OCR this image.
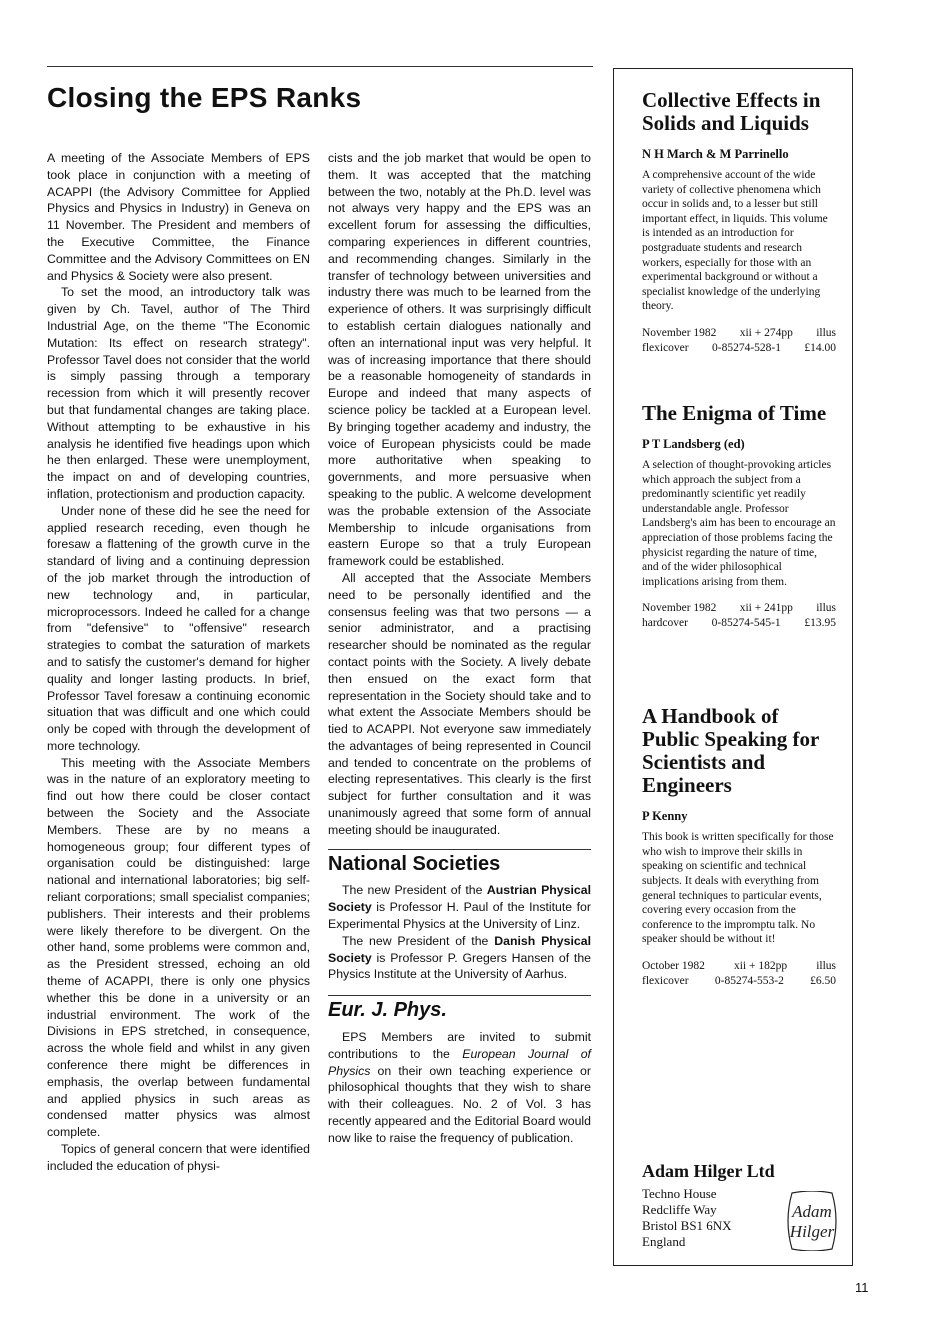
Closing the EPS Ranks

A meeting of the Associate Members of EPS took place in conjunction with a meeting of ACAPPI (the Advisory Committee for Applied Physics and Physics in Industry) in Geneva on 11 November. The President and members of the Executive Committee, the Finance Committee and the Advisory Committees on EN and Physics & Society were also present.

To set the mood, an introductory talk was given by Ch. Tavel, author of The Third Industrial Age, on the theme "The Economic Mutation: Its effect on research strategy". Professor Tavel does not consider that the world is simply passing through a temporary recession from which it will presently recover but that fundamental changes are taking place. Without attempting to be exhaustive in his analysis he identified five headings upon which he then enlarged. These were unemployment, the impact on and of developing countries, inflation, protectionism and production capacity.

Under none of these did he see the need for applied research receding, even though he foresaw a flattening of the growth curve in the standard of living and a continuing depression of the job market through the introduction of new technology and, in particular, microprocessors. Indeed he called for a change from "defensive" to "offensive" research strategies to combat the saturation of markets and to satisfy the customer's demand for higher quality and longer lasting products. In brief, Professor Tavel foresaw a continuing economic situation that was difficult and one which could only be coped with through the development of more technology.

This meeting with the Associate Members was in the nature of an exploratory meeting to find out how there could be closer contact between the Society and the Associate Members. These are by no means a homogeneous group; four different types of organisation could be distinguished: large national and international laboratories; big self-reliant corporations; small specialist companies; publishers. Their interests and their problems were likely therefore to be divergent. On the other hand, some problems were common and, as the President stressed, echoing an old theme of ACAPPI, there is only one physics whether this be done in a university or an industrial environment. The work of the Divisions in EPS stretched, in consequence, across the whole field and whilst in any given conference there might be differences in emphasis, the overlap between fundamental and applied physics in such areas as condensed matter physics was almost complete.

Topics of general concern that were identified included the education of physi-

cists and the job market that would be open to them. It was accepted that the matching between the two, notably at the Ph.D. level was not always very happy and the EPS was an excellent forum for assessing the difficulties, comparing experiences in different countries, and recommending changes. Similarly in the transfer of technology between universities and industry there was much to be learned from the experience of others. It was surprisingly difficult to establish certain dialogues nationally and often an international input was very helpful. It was of increasing importance that there should be a reasonable homogeneity of standards in Europe and indeed that many aspects of science policy be tackled at a European level. By bringing together academy and industry, the voice of European physicists could be made more authoritative when speaking to governments, and more persuasive when speaking to the public. A welcome development was the probable extension of the Associate Membership to inlcude organisations from eastern Europe so that a truly European framework could be established.

All accepted that the Associate Members need to be personally identified and the consensus feeling was that two persons — a senior administrator, and a practising researcher should be nominated as the regular contact points with the Society. A lively debate then ensued on the exact form that representation in the Society should take and to what extent the Associate Members should be tied to ACAPPI. Not everyone saw immediately the advantages of being represented in Council and tended to concentrate on the problems of electing representatives. This clearly is the first subject for further consultation and it was unanimously agreed that some form of annual meeting should be inaugurated.

National Societies

The new President of the Austrian Physical Society is Professor H. Paul of the Institute for Experimental Physics at the University of Linz.

The new President of the Danish Physical Society is Professor P. Gregers Hansen of the Physics Institute at the University of Aarhus.

Eur. J. Phys.

EPS Members are invited to submit contributions to the European Journal of Physics on their own teaching experience or philosophical thoughts that they wish to share with their colleagues. No. 2 of Vol. 3 has recently appeared and the Editorial Board would now like to raise the frequency of publication.

Collective Effects in Solids and Liquids
N H March & M Parrinello
A comprehensive account of the wide variety of collective phenomena which occur in solids and, to a lesser but still important effect, in liquids. This volume is intended as an introduction for postgraduate students and research workers, especially for those with an experimental background or without a specialist knowledge of the underlying theory.
November 1982 xii + 274pp illus
flexicover 0-85274-528-1 £14.00
The Enigma of Time
P T Landsberg (ed)
A selection of thought-provoking articles which approach the subject from a predominantly scientific yet readily understandable angle. Professor Landsberg's aim has been to encourage an appreciation of those problems facing the physicist regarding the nature of time, and of the wider philosophical implications arising from them.
November 1982 xii + 241pp illus
hardcover 0-85274-545-1 £13.95
A Handbook of Public Speaking for Scientists and Engineers
P Kenny
This book is written specifically for those who wish to improve their skills in speaking on scientific and technical subjects. It deals with everything from general techniques to particular events, covering every occasion from the conference to the impromptu talk. No speaker should be without it!
October 1982	xii + 182pp	illus
flexicover 0-85274-553-2 £6.50
Adam Hilger Ltd
Techno House
Redcliffe Way
Bristol BS1 6NX
England
Adam
Hilger
11
